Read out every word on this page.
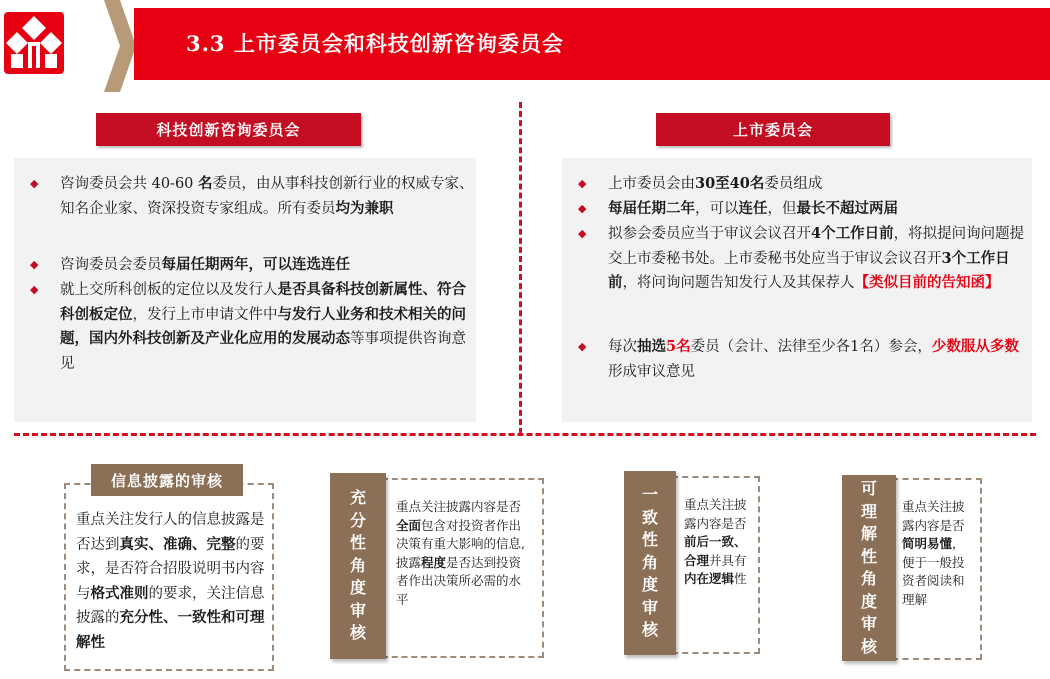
3.3 上市委员会和科技创新咨询委员会
科技创新咨询委员会	上市委员会
◆ 咨询委员会共 40-60 名委员，由从事科技创新行业的权威专家、知名企业家、资深投资专家组成。所有委员均为兼职
◆ 咨询委员会委员每届任期两年，可以连选连任
◆ 就上交所科创板的定位以及发行人是否具备科技创新属性、符合科创板定位，发行上市申请文件中与发行人业务和技术相关的问题，国内外科技创新及产业化应用的发展动态等事项提供咨询意见
◆ 上市委员会由30至40名委员组成
◆ 每届任期二年，可以连任，但最长不超过两届
◆ 拟参会委员应当于审议会议召开4个工作日前，将拟提问询问题提交上市委秘书处。上市委秘书处应当于审议会议召开3个工作日前，将问询问题告知发行人及其保荐人【类似目前的告知函】
◆ 每次抽选5名委员（会计、法律至少各1名）参会，少数服从多数形成审议意见
信息披露的审核
重点关注发行人的信息披露是否达到真实、准确、完整的要求，是否符合招股说明书内容与格式准则的要求，关注信息披露的充分性、一致性和可理解性
充分性角度审核
重点关注披露内容是否全面包含对投资者作出决策有重大影响的信息,披露程度是否达到投资者作出决策所必需的水平
一致性角度审核
重点关注披露内容是否前后一致、合理并具有内在逻辑性
可理解性角度审核
重点关注披露内容是否简明易懂，便于一般投资者阅读和理解
